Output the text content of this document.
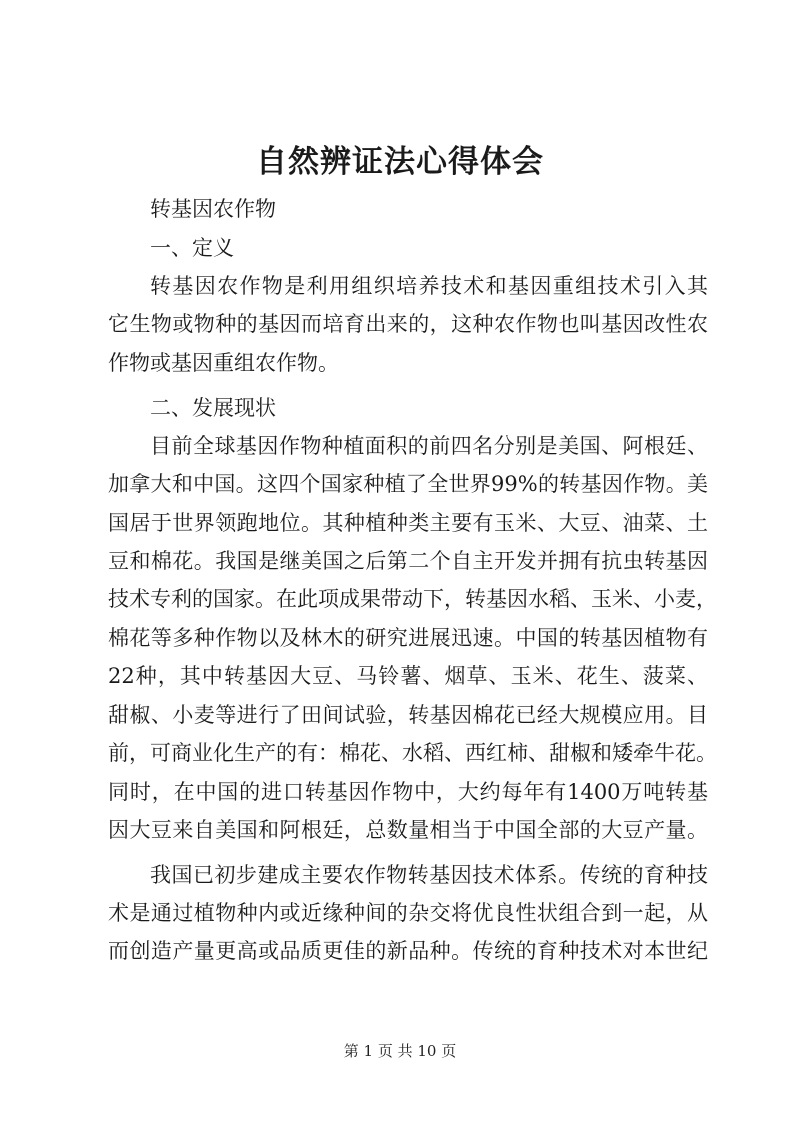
自然辨证法心得体会
转基因农作物
一、定义
转基因农作物是利用组织培养技术和基因重组技术引入其
它生物或物种的基因而培育出来的，这种农作物也叫基因改性农
作物或基因重组农作物。
二、发展现状
目前全球基因作物种植面积的前四名分别是美国、阿根廷、
加拿大和中国。这四个国家种植了全世界99%的转基因作物。美
国居于世界领跑地位。其种植种类主要有玉米、大豆、油菜、土
豆和棉花。我国是继美国之后第二个自主开发并拥有抗虫转基因
技术专利的国家。在此项成果带动下，转基因水稻、玉米、小麦，
棉花等多种作物以及林木的研究进展迅速。中国的转基因植物有
22种，其中转基因大豆、马铃薯、烟草、玉米、花生、菠菜、
甜椒、小麦等进行了田间试验，转基因棉花已经大规模应用。目
前，可商业化生产的有：棉花、水稻、西红柿、甜椒和矮牵牛花。
同时，在中国的进口转基因作物中，大约每年有1400万吨转基
因大豆来自美国和阿根廷，总数量相当于中国全部的大豆产量。
我国已初步建成主要农作物转基因技术体系。传统的育种技
术是通过植物种内或近缘种间的杂交将优良性状组合到一起，从
而创造产量更高或品质更佳的新品种。传统的育种技术对本世纪
第 1 页 共 10 页
